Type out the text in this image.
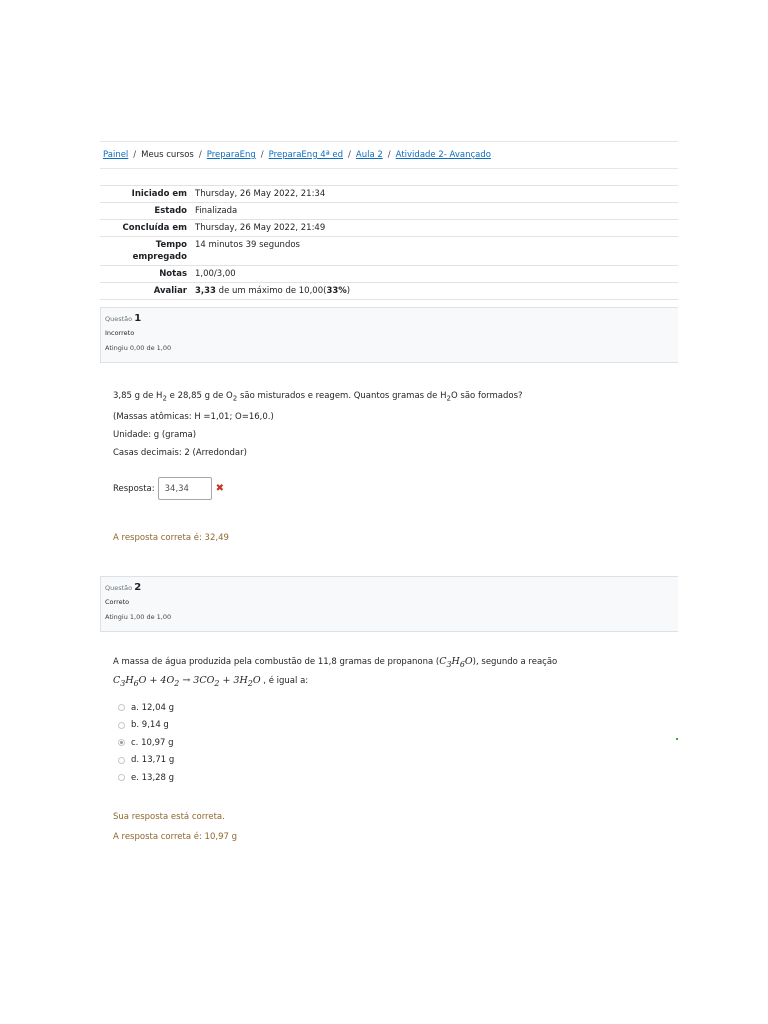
Painel / Meus cursos / PreparaEng / PreparaEng 4ª ed / Aula 2 / Atividade 2- Avançado
Iniciado em	Thursday, 26 May 2022, 21:34
Estado	Finalizada
Concluída em	Thursday, 26 May 2022, 21:49
Tempo
empregado	14 minutos 39 segundos
Notas	1,00/3,00
Avaliar	3,33 de um máximo de 10,00(33%)
Questão 1
Incorreto
Atingiu 0,00 de 1,00

3,85 g de $H_2$ e 28,85 g de $O_2$ são misturados e reagem. Quantos gramas de $H_2O$ são formados?

(Massas atômicas: H =1,01; O=16,0.)

Unidade: g (grama)

Casas decimais: 2 (Arredondar)

Resposta:
34,34	✖
A resposta correta é: 32,49
Questão 2
Correto
Atingiu 1,00 de 1,00

A massa de água produzida pela combustão de 11,8 gramas de propanona $(C_3H_6O)$, segundo a reação

$C_3H_6O + 4O_2 \to 3CO_2 + 3H_2O$ , é igual a:

a. 12,04 g
b. 9,14 g
c. 10,97 g
d. 13,71 g
e. 13,28 g
Sua resposta está correta.
A resposta correta é: 10,97 g
